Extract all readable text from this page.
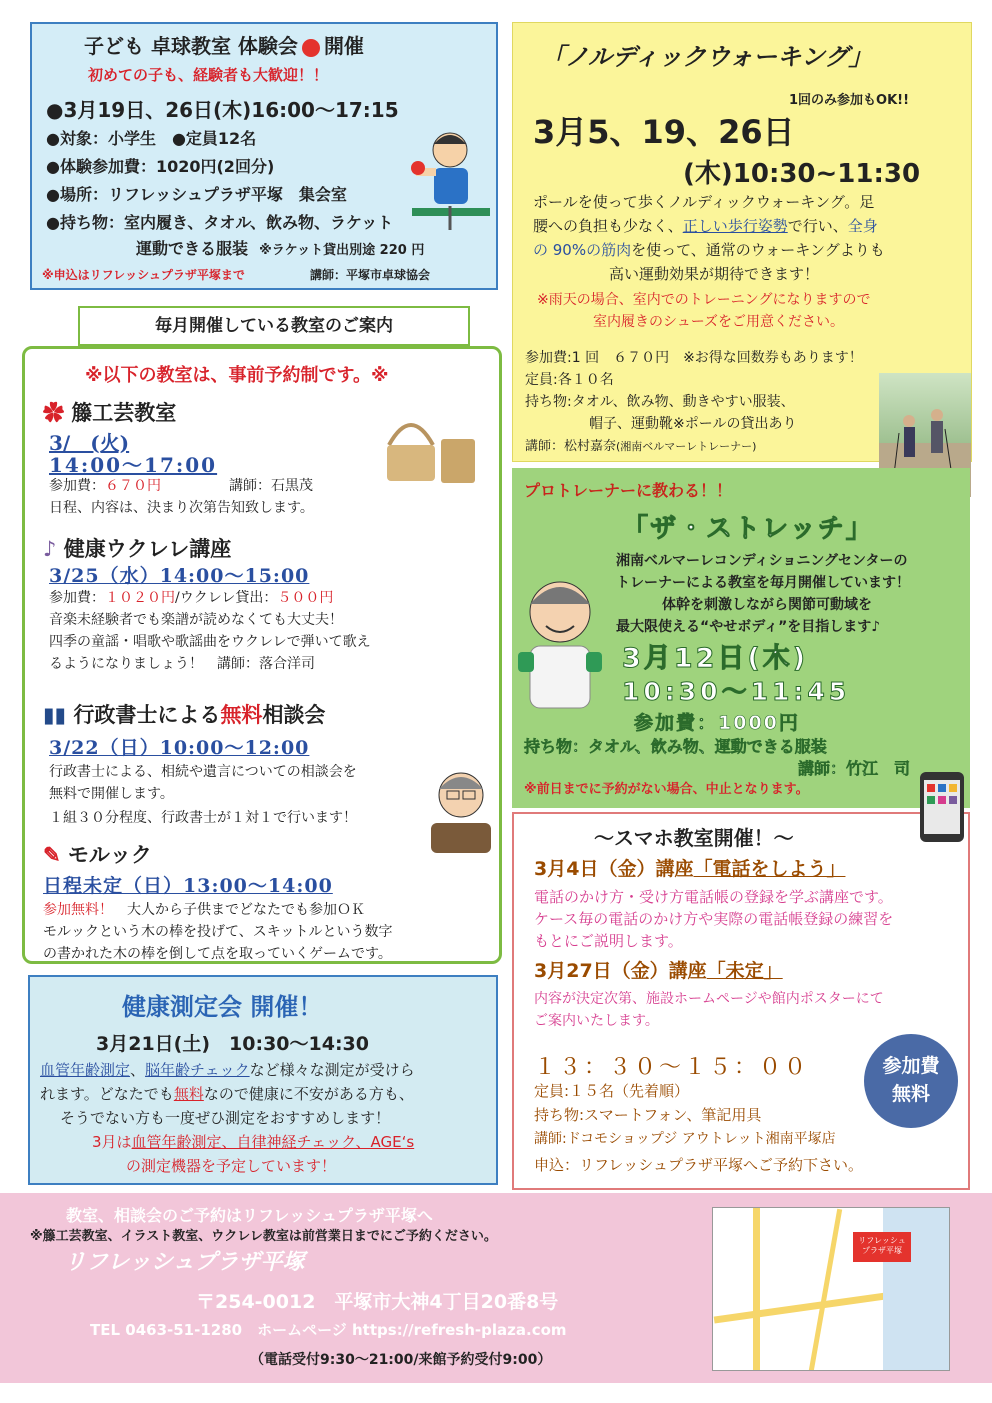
子ども 卓球教室 体験会 開催
初めての子も、経験者も大歓迎！！
●3月19日、26日(木)16:00～17:15
●対象：小学生　●定員12名
●体験参加費：1020円(2回分)
●場所：リフレッシュプラザ平塚　集会室
●持ち物：室内履き、タオル、飲み物、ラケット
運動できる服装 ※ラケット貸出別途 220 円
※申込はリフレッシュプラザ平塚まで	講師：平塚市卓球協会
「ノルディックウォーキング」
1回のみ参加もOK!!
3月5、19、26日
(木)10:30~11:30
ポールを使って歩くノルディックウォーキング。足
腰への負担も少なく、正しい歩行姿勢で行い、全身
の 90%の筋肉を使って、通常のウォーキングよりも
高い運動効果が期待できます！
※雨天の場合、室内でのトレーニングになりますので
室内履きのシューズをご用意ください。
参加費:1 回　６７０円　※お得な回数券もあります！
定員:各１０名
持ち物:タオル、飲み物、動きやすい服装、
帽子、運動靴※ポールの貸出あり
講師：松村嘉奈(湘南ベルマーレトレーナー)
毎月開催している教室のご案内
※以下の教室は、事前予約制です。※
✿ 籐工芸教室
3/　(火)
14:00～17:00
参加費：６７０円	講師：石黒茂
日程、内容は、決まり次第告知致します。
♪ 健康ウクレレ講座
3/25（水）14:00～15:00
参加費：１０２０円/ウクレレ貸出：５００円
音楽未経験者でも楽譜が読めなくても大丈夫！
四季の童謡・唱歌や歌謡曲をウクレレで弾いて歌え
るようになりましょう！　 講師：落合洋司
▮▮ 行政書士による無料相談会
3/22（日）10:00～12:00
行政書士による、相続や遺言についての相談会を
無料で開催します。
１組３０分程度、行政書士が１対１で行います！
✎ モルック
日程未定（日）13:00～14:00
参加無料！　 大人から子供までどなたでも参加ＯＫ
モルックという木の棒を投げて、スキットルという数字
の書かれた木の棒を倒して点を取っていくゲームです。
プロトレーナーに教わる！！
「ザ・ストレッチ」
湘南ベルマーレコンディショニングセンターの
トレーナーによる教室を毎月開催しています！
体幹を刺激しながら関節可動域を
最大限使える“やせボディ”を目指します♪
3月12日(木)
10:30～11:45
参加費：1000円
持ち物：タオル、飲み物、運動できる服装
講師：竹江　司
※前日までに予約がない場合、中止となります。
～スマホ教室開催！～
3月4日（金）講座「電話をしよう」
電話のかけ方・受け方電話帳の登録を学ぶ講座です。
ケース毎の電話のかけ方や実際の電話帳登録の練習を
もとにご説明します。
3月27日（金）講座「未定」
内容が決定次第、施設ホームページや館内ポスターにて
ご案内いたします。
１３：３０～１５：００
定員:１５名（先着順）
持ち物:スマートフォン、筆記用具
講師:ドコモショップジ アウトレット湘南平塚店
申込：リフレッシュプラザ平塚へご予約下さい。
参加費
無料
健康測定会 開催！
3月21日(土)　10:30～14:30
血管年齢測定、脳年齢チェックなど様々な測定が受けら
れます。どなたでも無料なので健康に不安がある方も、
そうでない方も一度ぜひ測定をおすすめします！
3月は血管年齢測定、自律神経チェック、AGE‘s
の測定機器を予定しています！
教室、相談会のご予約はリフレッシュプラザ平塚へ
※籐工芸教室、イラスト教室、ウクレレ教室は前営業日までにご予約ください。
リフレッシュプラザ平塚
〒254-0012　平塚市大神4丁目20番8号
TEL 0463-51-1280　ホームページ https://refresh-plaza.com
（電話受付9:30～21:00/来館予約受付9:00）
リフレッシュプラザ平塚
